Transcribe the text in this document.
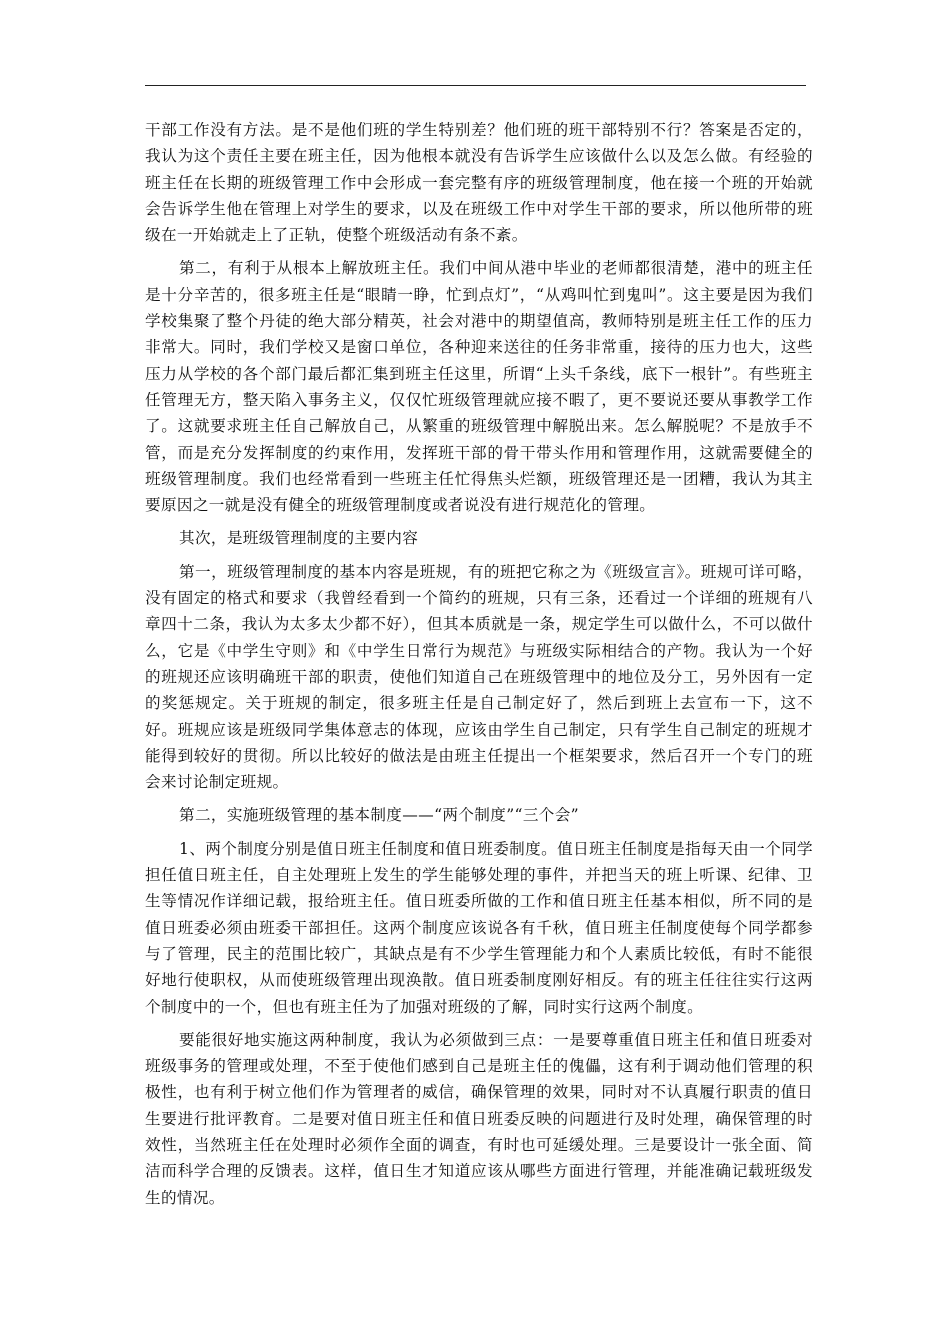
干部工作没有方法。是不是他们班的学生特别差？他们班的班干部特别不行？答案是否定的，我认为这个责任主要在班主任，因为他根本就没有告诉学生应该做什么以及怎么做。有经验的班主任在长期的班级管理工作中会形成一套完整有序的班级管理制度，他在接一个班的开始就会告诉学生他在管理上对学生的要求，以及在班级工作中对学生干部的要求，所以他所带的班级在一开始就走上了正轨，使整个班级活动有条不紊。

第二，有利于从根本上解放班主任。我们中间从港中毕业的老师都很清楚，港中的班主任是十分辛苦的，很多班主任是“眼睛一睁，忙到点灯”，“从鸡叫忙到鬼叫”。这主要是因为我们学校集聚了整个丹徒的绝大部分精英，社会对港中的期望值高，教师特别是班主任工作的压力非常大。同时，我们学校又是窗口单位，各种迎来送往的任务非常重，接待的压力也大，这些压力从学校的各个部门最后都汇集到班主任这里，所谓“上头千条线，底下一根针”。有些班主任管理无方，整天陷入事务主义，仅仅忙班级管理就应接不暇了，更不要说还要从事教学工作了。这就要求班主任自己解放自己，从繁重的班级管理中解脱出来。怎么解脱呢？不是放手不管，而是充分发挥制度的约束作用，发挥班干部的骨干带头作用和管理作用，这就需要健全的班级管理制度。我们也经常看到一些班主任忙得焦头烂额，班级管理还是一团糟，我认为其主要原因之一就是没有健全的班级管理制度或者说没有进行规范化的管理。

其次，是班级管理制度的主要内容

第一，班级管理制度的基本内容是班规，有的班把它称之为《班级宣言》。班规可详可略，没有固定的格式和要求（我曾经看到一个简约的班规，只有三条，还看过一个详细的班规有八章四十二条，我认为太多太少都不好），但其本质就是一条，规定学生可以做什么，不可以做什么，它是《中学生守则》和《中学生日常行为规范》与班级实际相结合的产物。我认为一个好的班规还应该明确班干部的职责，使他们知道自己在班级管理中的地位及分工，另外因有一定的奖惩规定。关于班规的制定，很多班主任是自己制定好了，然后到班上去宣布一下，这不好。班规应该是班级同学集体意志的体现，应该由学生自己制定，只有学生自己制定的班规才能得到较好的贯彻。所以比较好的做法是由班主任提出一个框架要求，然后召开一个专门的班会来讨论制定班规。

第二，实施班级管理的基本制度——“两个制度”“三个会”

1、两个制度分别是值日班主任制度和值日班委制度。值日班主任制度是指每天由一个同学担任值日班主任，自主处理班上发生的学生能够处理的事件，并把当天的班上听课、纪律、卫生等情况作详细记载，报给班主任。值日班委所做的工作和值日班主任基本相似，所不同的是值日班委必须由班委干部担任。这两个制度应该说各有千秋，值日班主任制度使每个同学都参与了管理，民主的范围比较广，其缺点是有不少学生管理能力和个人素质比较低，有时不能很好地行使职权，从而使班级管理出现涣散。值日班委制度刚好相反。有的班主任往往实行这两个制度中的一个，但也有班主任为了加强对班级的了解，同时实行这两个制度。

要能很好地实施这两种制度，我认为必须做到三点：一是要尊重值日班主任和值日班委对班级事务的管理或处理，不至于使他们感到自己是班主任的傀儡，这有利于调动他们管理的积极性，也有利于树立他们作为管理者的威信，确保管理的效果，同时对不认真履行职责的值日生要进行批评教育。二是要对值日班主任和值日班委反映的问题进行及时处理，确保管理的时效性，当然班主任在处理时必须作全面的调查，有时也可延缓处理。三是要设计一张全面、简洁而科学合理的反馈表。这样，值日生才知道应该从哪些方面进行管理，并能准确记载班级发生的情况。
